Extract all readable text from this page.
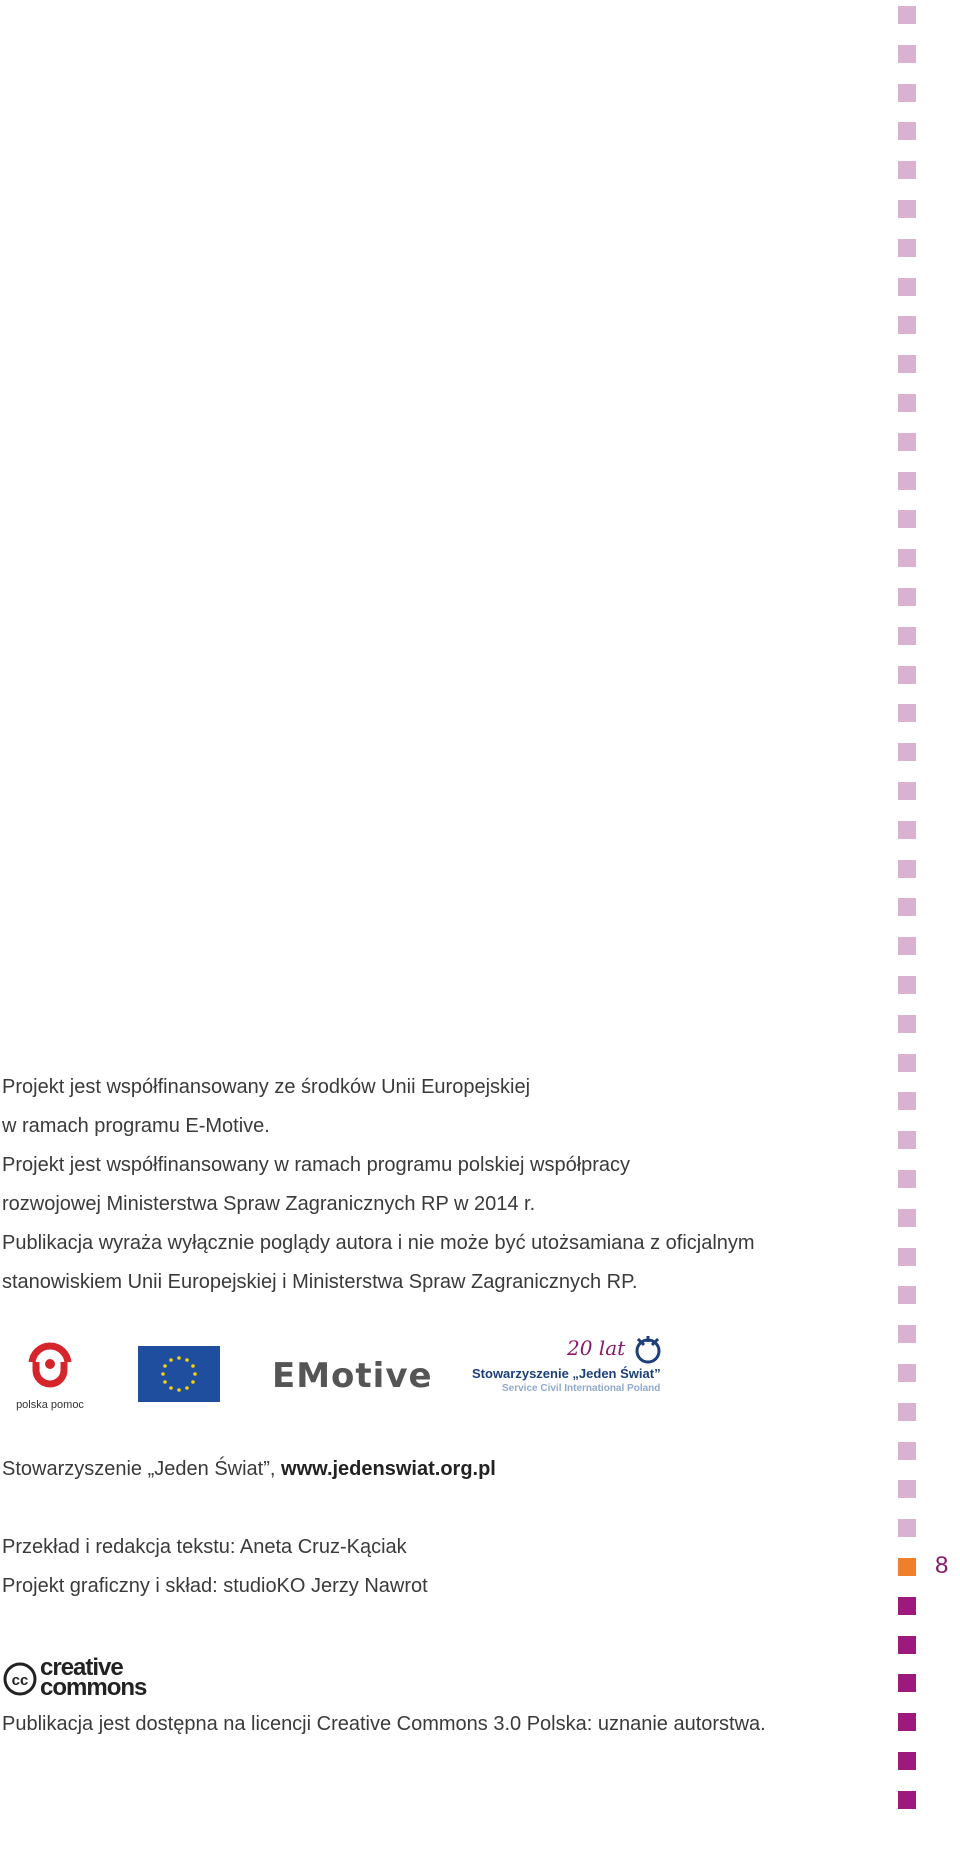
Projekt jest współfinansowany ze środków Unii Europejskiej

w ramach programu E-Motive.

Projekt jest współfinansowany w ramach programu polskiej współpracy

rozwojowej Ministerstwa Spraw Zagranicznych RP w 2014 r.

Publikacja wyraża wyłącznie poglądy autora i nie może być utożsamiana z oficjalnym

stanowiskiem Unii Europejskiej i Ministerstwa Spraw Zagranicznych RP.

polska pomoc
EMotive
20 lat
Stowarzyszenie „Jeden Świat”
Service Civil International Poland

Stowarzyszenie „Jeden Świat”, www.jedenswiat.org.pl

Przekład i redakcja tekstu: Aneta Cruz-Kąciak

Projekt graficzny i skład: studioKO Jerzy Nawrot

cc creative
commons

Publikacja jest dostępna na licencji Creative Commons 3.0 Polska: uznanie autorstwa.

8
